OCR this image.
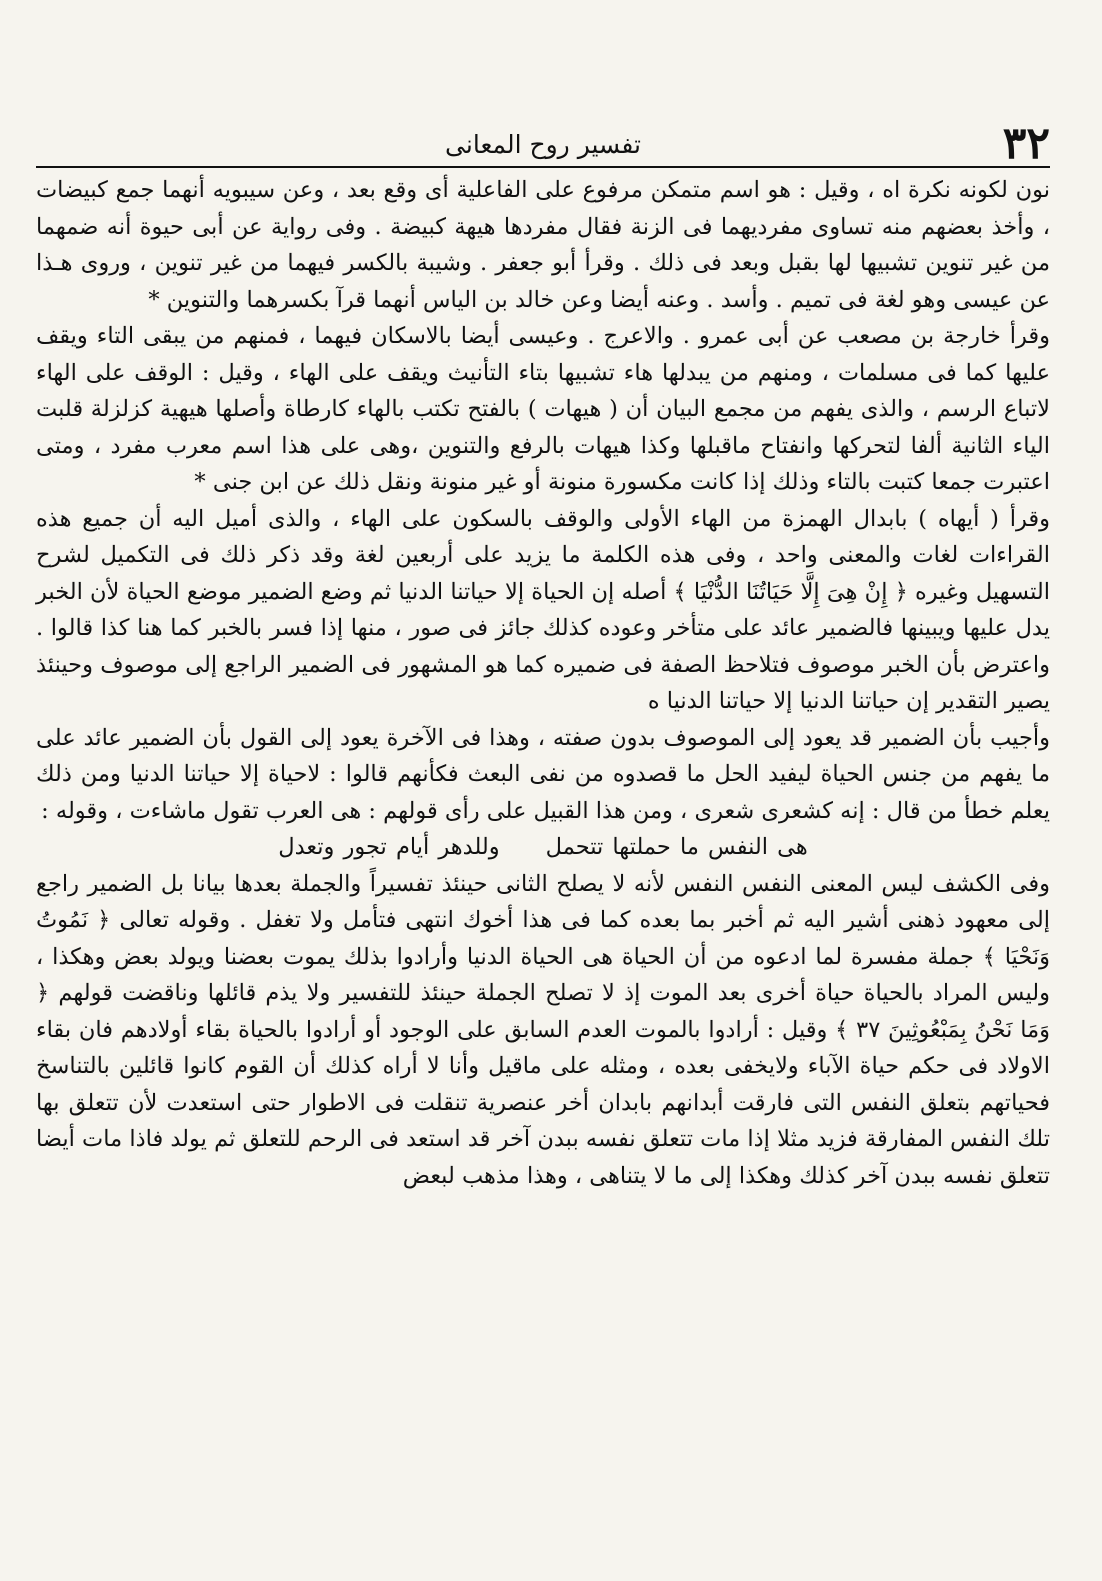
٣٢
تفسير روح المعانى

نون لكونه نكرة اه ، وقيل : هو اسم متمكن مرفوع على الفاعلية أى وقع بعد ، وعن سيبويه أنهما جمع كبيضات ، وأخذ بعضهم منه تساوى مفرديهما فى الزنة فقال مفردها هيهة كبيضة . وفى رواية عن أبى حيوة أنه ضمهما من غير تنوين تشبيها لها بقبل وبعد فى ذلك . وقرأ أبو جعفر . وشيبة بالكسر فيهما من غير تنوين ، وروى هـذا عن عيسى وهو لغة فى تميم . وأسد . وعنه أيضا وعن خالد بن الياس أنهما قرآ بكسرهما والتنوين *

وقرأ خارجة بن مصعب عن أبى عمرو . والاعرج . وعيسى أيضا بالاسكان فيهما ، فمنهم من يبقى التاء ويقف عليها كما فى مسلمات ، ومنهم من يبدلها هاء تشبيها بتاء التأنيث ويقف على الهاء ، وقيل : الوقف على الهاء لاتباع الرسم ، والذى يفهم من مجمع البيان أن ( هيهات ) بالفتح تكتب بالهاء كارطاة وأصلها هيهية كزلزلة قلبت الياء الثانية ألفا لتحركها وانفتاح ماقبلها وكذا هيهات بالرفع والتنوين ،وهى على هذا اسم معرب مفرد ، ومتى اعتبرت جمعا كتبت بالتاء وذلك إذا كانت مكسورة منونة أو غير منونة ونقل ذلك عن ابن جنى *

وقرأ ( أيهاه ) بابدال الهمزة من الهاء الأولى والوقف بالسكون على الهاء ، والذى أميل اليه أن جميع هذه القراءات لغات والمعنى واحد ، وفى هذه الكلمة ما يزيد على أربعين لغة وقد ذكر ذلك فى التكميل لشرح التسهيل وغيره ﴿ إِنْ هِىَ إِلَّا حَيَاتُنَا الدُّنْيَا ﴾ أصله إن الحياة إلا حياتنا الدنيا ثم وضع الضمير موضع الحياة لأن الخبر يدل عليها ويبينها فالضمير عائد على متأخر وعوده كذلك جائز فى صور ، منها إذا فسر بالخبر كما هنا كذا قالوا . واعترض بأن الخبر موصوف فتلاحظ الصفة فى ضميره كما هو المشهور فى الضمير الراجع إلى موصوف وحينئذ يصير التقدير إن حياتنا الدنيا إلا حياتنا الدنيا ه

وأجيب بأن الضمير قد يعود إلى الموصوف بدون صفته ، وهذا فى الآخرة يعود إلى القول بأن الضمير عائد على ما يفهم من جنس الحياة ليفيد الحل ما قصدوه من نفى البعث فكأنهم قالوا : لاحياة إلا حياتنا الدنيا ومن ذلك يعلم خطأ من قال : إنه كشعرى شعرى ، ومن هذا القبيل على رأى قولهم : هى العرب تقول ماشاءت ، وقوله :

هى النفس ما حملتها تتحملوللدهر أيام تجور وتعدل

وفى الكشف ليس المعنى النفس النفس لأنه لا يصلح الثانى حينئذ تفسيراً والجملة بعدها بيانا بل الضمير راجع إلى معهود ذهنى أشير اليه ثم أخبر بما بعده كما فى هذا أخوك انتهى فتأمل ولا تغفل . وقوله تعالى ﴿ نَمُوتُ وَنَحْيَا ﴾ جملة مفسرة لما ادعوه من أن الحياة هى الحياة الدنيا وأرادوا بذلك يموت بعضنا ويولد بعض وهكذا ، وليس المراد بالحياة حياة أخرى بعد الموت إذ لا تصلح الجملة حينئذ للتفسير ولا يذم قائلها وناقضت قولهم ﴿ وَمَا نَحْنُ بِمَبْعُوثِينَ ٣٧ ﴾ وقيل : أرادوا بالموت العدم السابق على الوجود أو أرادوا بالحياة بقاء أولادهم فان بقاء الاولاد فى حكم حياة الآباء ولايخفى بعده ، ومثله على ماقيل وأنا لا أراه كذلك أن القوم كانوا قائلين بالتناسخ فحياتهم بتعلق النفس التى فارقت أبدانهم بابدان أخر عنصرية تنقلت فى الاطوار حتى استعدت لأن تتعلق بها تلك النفس المفارقة فزيد مثلا إذا مات تتعلق نفسه ببدن آخر قد استعد فى الرحم للتعلق ثم يولد فاذا مات أيضا تتعلق نفسه ببدن آخر كذلك وهكذا إلى ما لا يتناهى ، وهذا مذهب لبعض
